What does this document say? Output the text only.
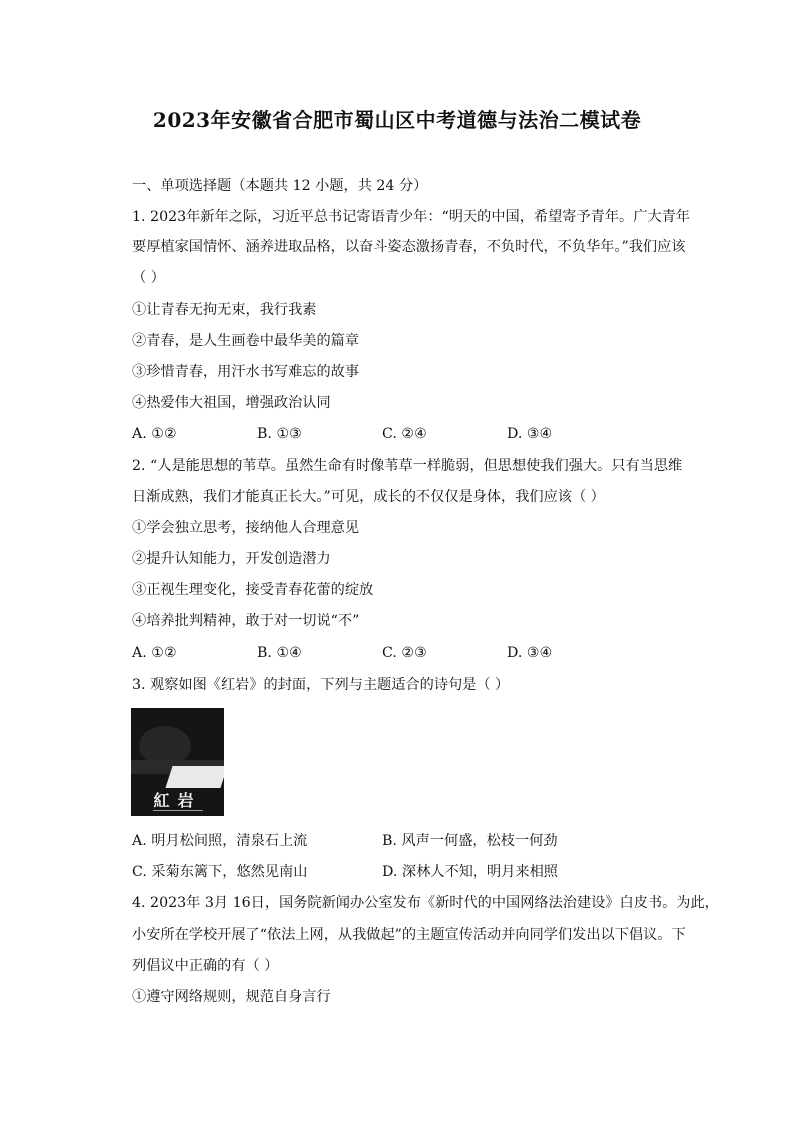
2023年安徽省合肥市蜀山区中考道德与法治二模试卷
一、单项选择题（本题共 12 小题，共 24 分）
1. 2023年新年之际，习近平总书记寄语青少年：“明天的中国，希望寄予青年。广大青年
要厚植家国情怀、涵养进取品格，以奋斗姿态激扬青春，不负时代，不负华年。”我们应该
（ ）
①让青春无拘无束，我行我素
②青春，是人生画卷中最华美的篇章
③珍惜青春，用汗水书写难忘的故事
④热爱伟大祖国，增强政治认同
A. ①②	B. ①③	C. ②④	D. ③④
2. “人是能思想的苇草。虽然生命有时像苇草一样脆弱，但思想使我们强大。只有当思维
日渐成熟，我们才能真正长大。”可见，成长的不仅仅是身体，我们应该（ ）
①学会独立思考，接纳他人合理意见
②提升认知能力，开发创造潜力
③正视生理变化，接受青春花蕾的绽放
④培养批判精神，敢于对一切说“不”
A. ①②	B. ①④	C. ②③	D. ③④
3. 观察如图《红岩》的封面，下列与主题适合的诗句是（ ）
紅岩
A. 明月松间照，清泉石上流	B. 风声一何盛，松枝一何劲
C. 采菊东篱下，悠然见南山	D. 深林人不知，明月来相照
4. 2023年 3月 16日，国务院新闻办公室发布《新时代的中国网络法治建设》白皮书。为此，
小安所在学校开展了“依法上网，从我做起”的主题宣传活动并向同学们发出以下倡议。下
列倡议中正确的有（ ）
①遵守网络规则，规范自身言行
